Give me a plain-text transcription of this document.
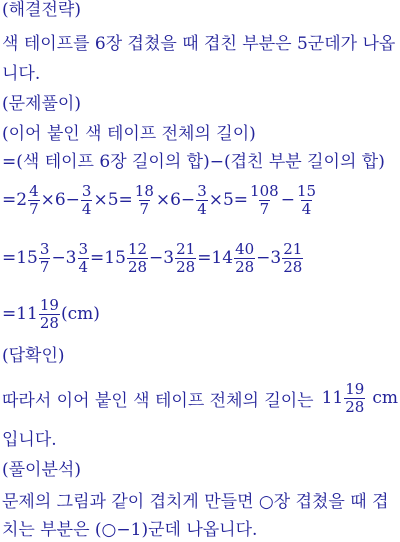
(해결전략)
색 테이프를 6장 겹쳤을 때 겹친 부분은 5군데가 나옵
니다.
(문제풀이)
(이어 붙인 색 테이프 전체의 길이)
=(색 테이프 6장 길이의 합)−(겹친 부분 길이의 합)
$=2 \frac{4}{7} \times 6- \frac{3}{4} \times 5= \frac{18}{7} \times 6- \frac{3}{4} \times 5= \frac{108}{7} - \frac{15}{4}$
$=15 \frac{3}{7} -3 \frac{3}{4} =15 \frac{12}{28} -3 \frac{21}{28} =14 \frac{40}{28} -3 \frac{21}{28}$
$=11 \frac{19}{28} (cm)$
(답확인)
따라서 이어 붙인 색 테이프 전체의 길이는 $11 \frac{19}{28}$ cm
입니다.
(풀이분석)
문제의 그림과 같이 겹치게 만들면 ○장 겹쳤을 때 겹
치는 부분은 (○−1)군데 나옵니다.
